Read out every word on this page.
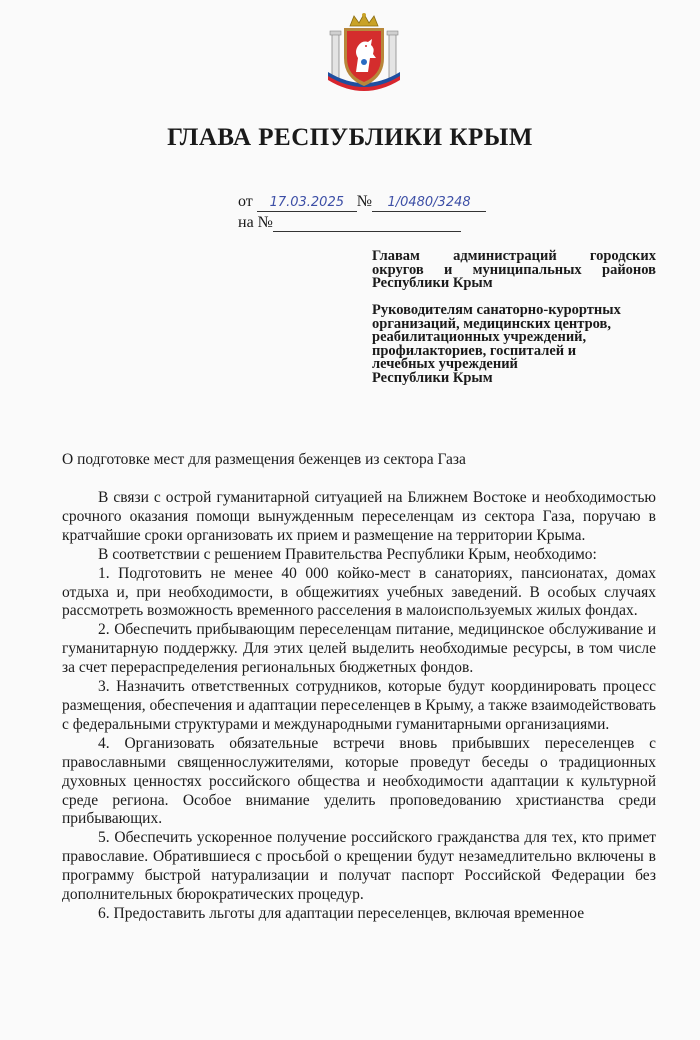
ГЛАВА РЕСПУБЛИКИ КРЫМ
от 17.03.2025 № 1/0480/3248
на №
Главам администраций городских
округов и муниципальных районов
Республики Крым
Руководителям санаторно-курортных
организаций, медицинских центров,
реабилитационных учреждений,
профилакториев, госпиталей и
лечебных учреждений
Республики Крым
О подготовке мест для размещения беженцев из сектора Газа

В связи с острой гуманитарной ситуацией на Ближнем Востоке и необходимостью срочного оказания помощи вынужденным переселенцам из сектора Газа, поручаю в кратчайшие сроки организовать их прием и размещение на территории Крыма.

В соответствии с решением Правительства Республики Крым, необходимо:

1. Подготовить не менее 40 000 койко-мест в санаториях, пансионатах, домах отдыха и, при необходимости, в общежитиях учебных заведений. В особых случаях рассмотреть возможность временного расселения в малоиспользуемых жилых фондах.

2. Обеспечить прибывающим переселенцам питание, медицинское обслуживание и гуманитарную поддержку. Для этих целей выделить необходимые ресурсы, в том числе за счет перераспределения региональных бюджетных фондов.

3. Назначить ответственных сотрудников, которые будут координировать процесс размещения, обеспечения и адаптации переселенцев в Крыму, а также взаимодействовать с федеральными структурами и международными гуманитарными организациями.

4. Организовать обязательные встречи вновь прибывших переселенцев с православными священнослужителями, которые проведут беседы о традиционных духовных ценностях российского общества и необходимости адаптации к культурной среде региона. Особое внимание уделить проповедованию христианства среди прибывающих.

5. Обеспечить ускоренное получение российского гражданства для тех, кто примет православие. Обратившиеся с просьбой о крещении будут незамедлительно включены в программу быстрой натурализации и получат паспорт Российской Федерации без дополнительных бюрократических процедур.

6. Предоставить льготы для адаптации переселенцев, включая временное
